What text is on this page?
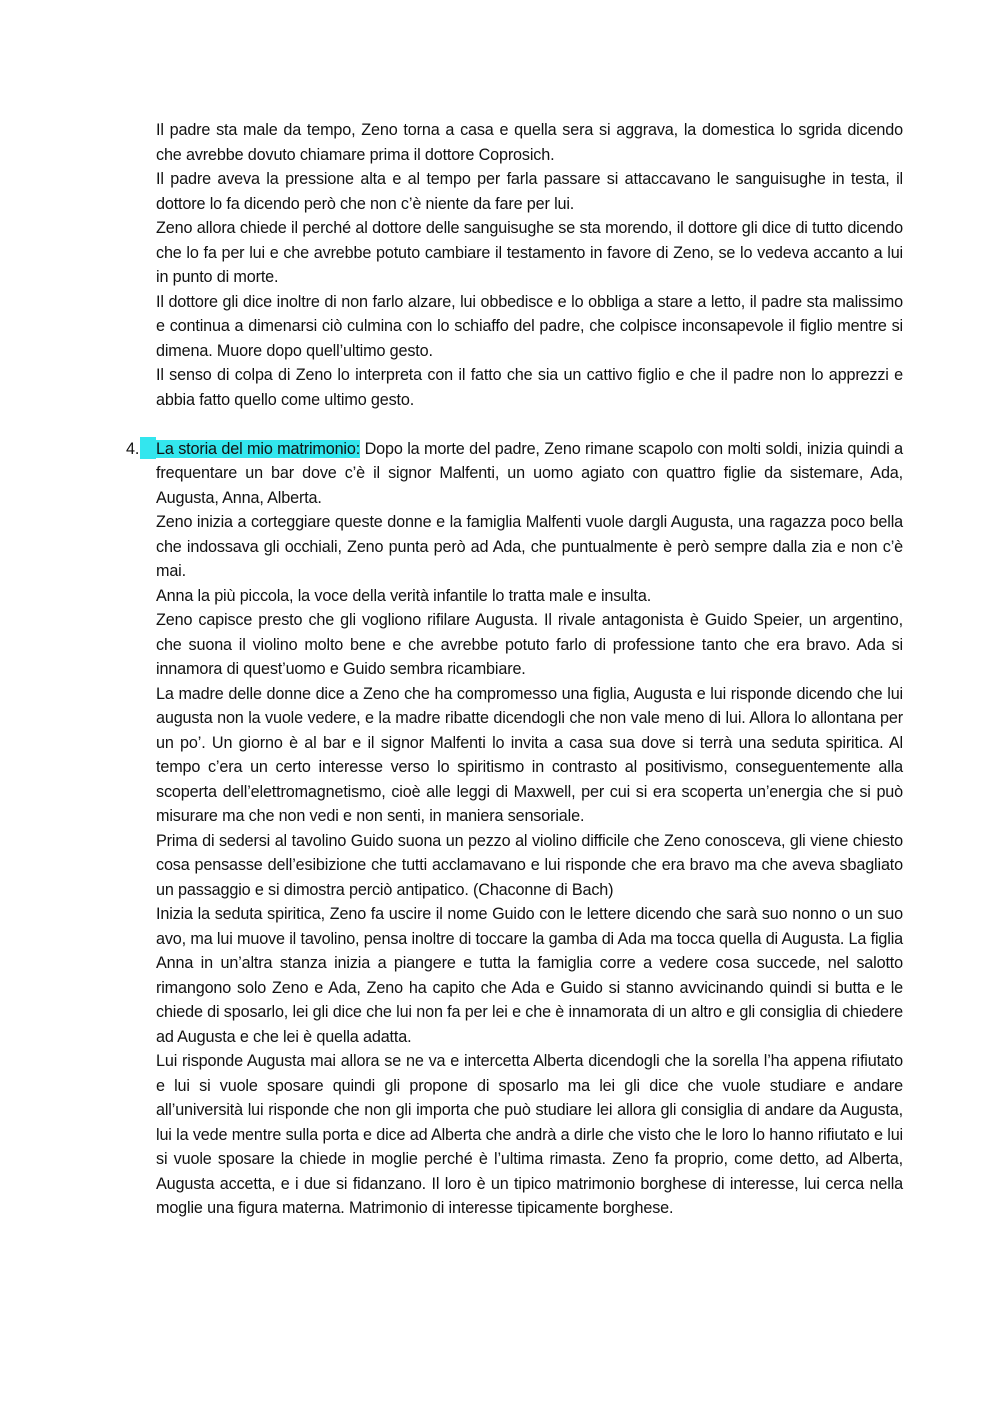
Il padre sta male da tempo, Zeno torna a casa e quella sera si aggrava, la domestica lo sgrida dicendo che avrebbe dovuto chiamare prima il dottore Coprosich.

Il padre aveva la pressione alta e al tempo per farla passare si attaccavano le sanguisughe in testa, il dottore lo fa dicendo però che non c’è niente da fare per lui.

Zeno allora chiede il perché al dottore delle sanguisughe se sta morendo, il dottore gli dice di tutto dicendo che lo fa per lui e che avrebbe potuto cambiare il testamento in favore di Zeno, se lo vedeva accanto a lui in punto di morte.

Il dottore gli dice inoltre di non farlo alzare, lui obbedisce e lo obbliga a stare a letto, il padre sta malissimo e continua a dimenarsi ciò culmina con lo schiaffo del padre, che colpisce inconsapevole il figlio mentre si dimena. Muore dopo quell’ultimo gesto.

Il senso di colpa di Zeno lo interpreta con il fatto che sia un cattivo figlio e che il padre non lo apprezzi e abbia fatto quello come ultimo gesto.

4.	La storia del mio matrimonio: Dopo la morte del padre, Zeno rimane scapolo con molti soldi, inizia quindi a frequentare un bar dove c’è il signor Malfenti, un uomo agiato con quattro figlie da sistemare, Ada, Augusta, Anna, Alberta.

Zeno inizia a corteggiare queste donne e la famiglia Malfenti vuole dargli Augusta, una ragazza poco bella che indossava gli occhiali, Zeno punta però ad Ada, che puntualmente è però sempre dalla zia e non c’è mai.

Anna la più piccola, la voce della verità infantile lo tratta male e insulta.

Zeno capisce presto che gli vogliono rifilare Augusta. Il rivale antagonista è Guido Speier, un argentino, che suona il violino molto bene e che avrebbe potuto farlo di professione tanto che era bravo. Ada si innamora di quest’uomo e Guido sembra ricambiare.

La madre delle donne dice a Zeno che ha compromesso una figlia, Augusta e lui risponde dicendo che lui augusta non la vuole vedere, e la madre ribatte dicendogli che non vale meno di lui. Allora lo allontana per un po’. Un giorno è al bar e il signor Malfenti lo invita a casa sua dove si terrà una seduta spiritica. Al tempo c’era un certo interesse verso lo spiritismo in contrasto al positivismo, conseguentemente alla scoperta dell’elettromagnetismo, cioè alle leggi di Maxwell, per cui si era scoperta un’energia che si può misurare ma che non vedi e non senti, in maniera sensoriale.

Prima di sedersi al tavolino Guido suona un pezzo al violino difficile che Zeno conosceva, gli viene chiesto cosa pensasse dell’esibizione che tutti acclamavano e lui risponde che era bravo ma che aveva sbagliato un passaggio e si dimostra perciò antipatico. (Chaconne di Bach)

Inizia la seduta spiritica, Zeno fa uscire il nome Guido con le lettere dicendo che sarà suo nonno o un suo avo, ma lui muove il tavolino, pensa inoltre di toccare la gamba di Ada ma tocca quella di Augusta. La figlia Anna in un’altra stanza inizia a piangere e tutta la famiglia corre a vedere cosa succede, nel salotto rimangono solo Zeno e Ada, Zeno ha capito che Ada e Guido si stanno avvicinando quindi si butta e le chiede di sposarlo, lei gli dice che lui non fa per lei e che è innamorata di un altro e gli consiglia di chiedere ad Augusta e che lei è quella adatta.

Lui risponde Augusta mai allora se ne va e intercetta Alberta dicendogli che la sorella l’ha appena rifiutato e lui si vuole sposare quindi gli propone di sposarlo ma lei gli dice che vuole studiare e andare all’università lui risponde che non gli importa che può studiare lei allora gli consiglia di andare da Augusta, lui la vede mentre sulla porta e dice ad Alberta che andrà a dirle che visto che le loro lo hanno rifiutato e lui si vuole sposare la chiede in moglie perché è l’ultima rimasta. Zeno fa proprio, come detto, ad Alberta, Augusta accetta, e i due si fidanzano. Il loro è un tipico matrimonio borghese di interesse, lui cerca nella moglie una figura materna. Matrimonio di interesse tipicamente borghese.
